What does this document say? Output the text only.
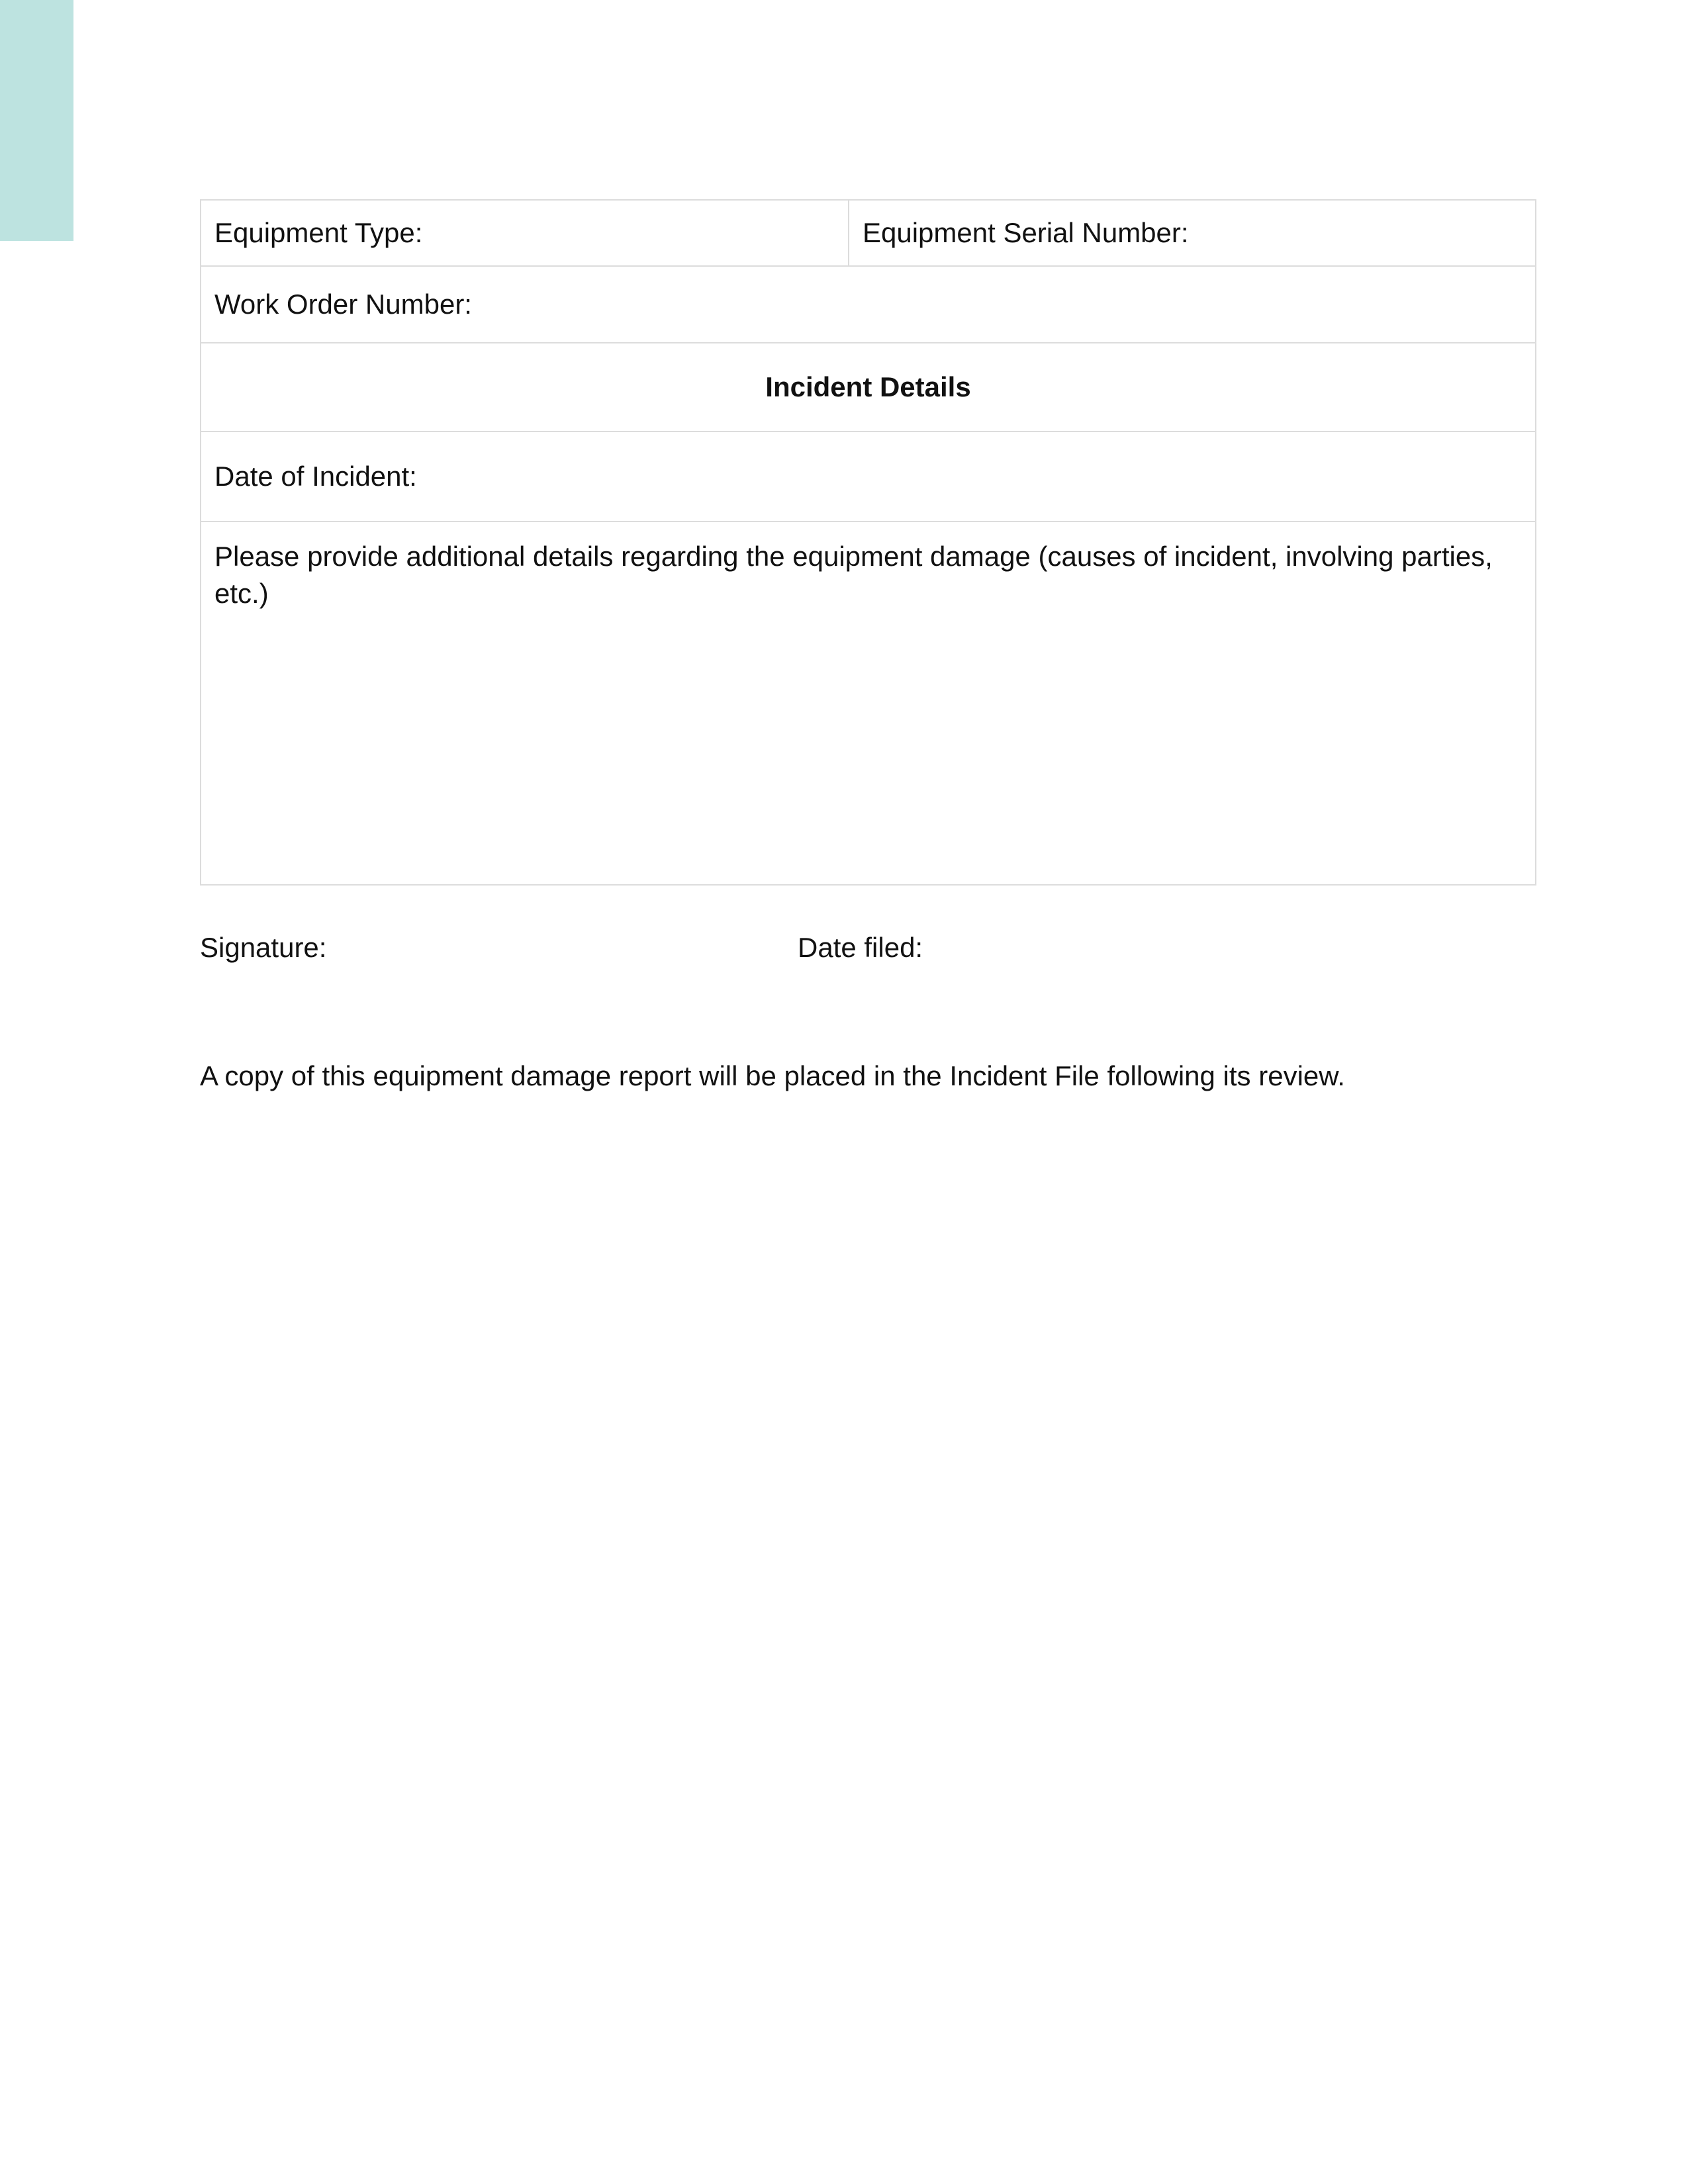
Equipment Type:	Equipment Serial Number:
Work Order Number:
Incident Details
Date of Incident:
Please provide additional details regarding the equipment damage (causes of incident, involving parties, etc.)
Signature:	Date filed:
A copy of this equipment damage report will be placed in the Incident File following its review.
